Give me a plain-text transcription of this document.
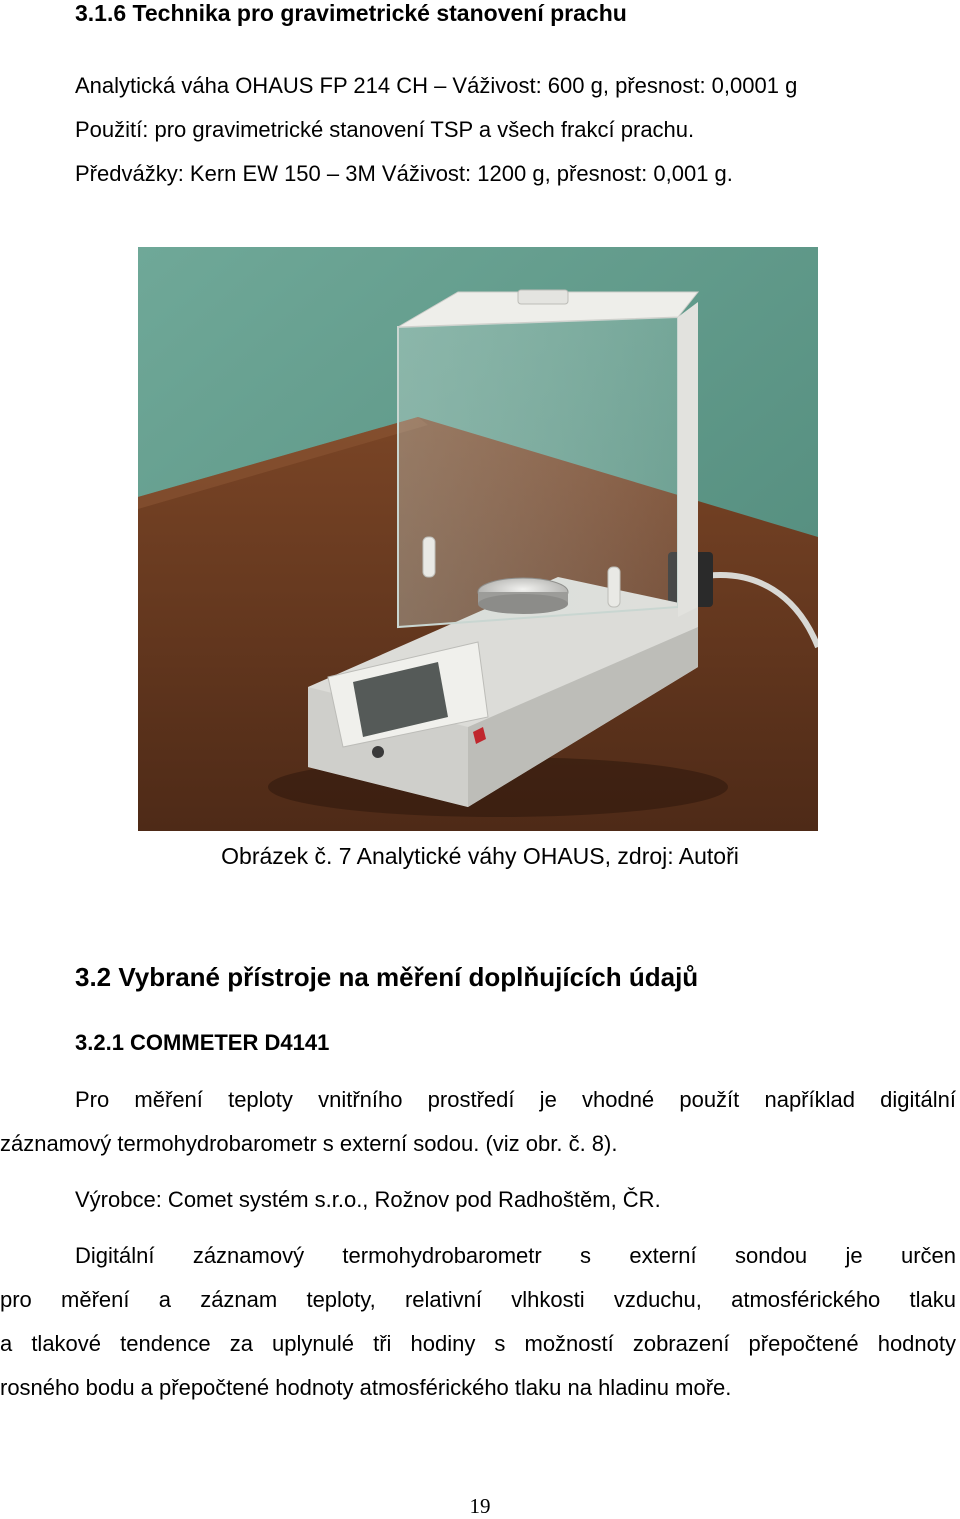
3.1.6 Technika pro gravimetrické stanovení prachu
Analytická váha OHAUS FP 214 CH – Váživost: 600 g, přesnost: 0,0001 g
Použití: pro gravimetrické stanovení TSP a všech frakcí prachu.
Předvážky: Kern EW 150 – 3M Váživost: 1200 g, přesnost: 0,001 g.
Obrázek č. 7 Analytické váhy OHAUS, zdroj: Autoři
3.2 Vybrané přístroje na měření doplňujících údajů
3.2.1 COMMETER D4141
Pro měření teploty vnitřního prostředí je vhodné použít například digitální
záznamový termohydrobarometr s externí sodou. (viz obr. č. 8).
Výrobce: Comet systém s.r.o., Rožnov pod Radhoštěm, ČR.
Digitální záznamový termohydrobarometr s externí sondou je určen
pro měření a záznam teploty, relativní vlhkosti vzduchu, atmosférického tlaku
a tlakové tendence za uplynulé tři hodiny s možností zobrazení přepočtené hodnoty
rosného bodu a přepočtené hodnoty atmosférického tlaku na hladinu moře.
19
